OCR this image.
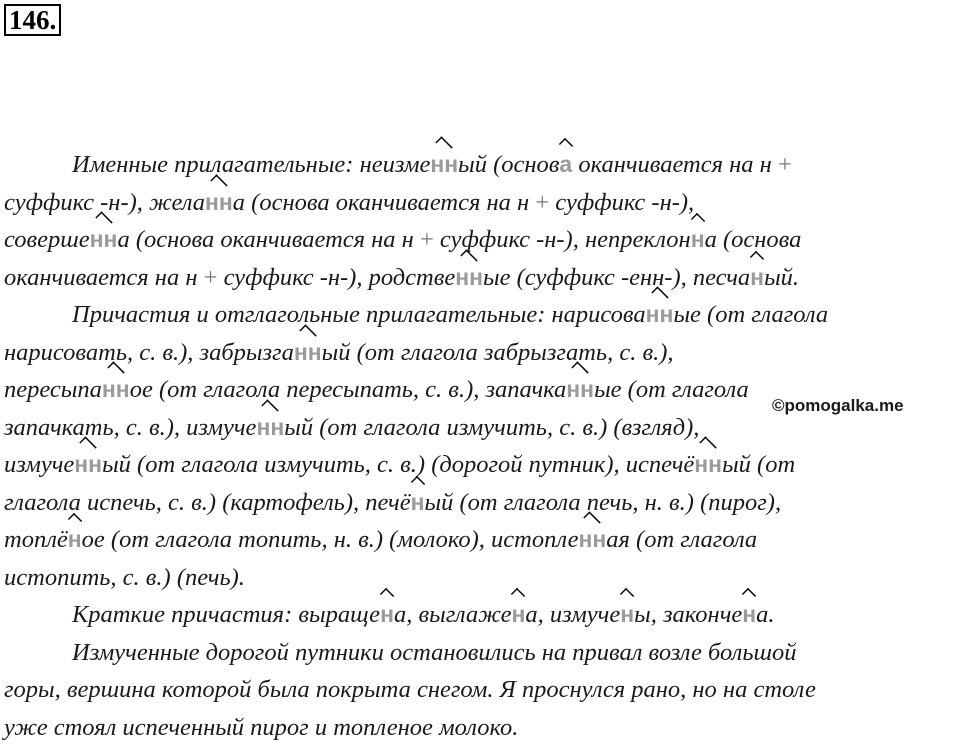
146.
©pomogalka.me
Именные прилагательные: неизменный (основа оканчивается на н +
суффикс -н-), желанна (основа оканчивается на н + суффикс -н-),
совершенна (основа оканчивается на н + суффикс -н-), непреклонна (основа
оканчивается на н + суффикс -н-), родственные (суффикс -енн-), песчаный.
Причастия и отглагольные прилагательные: нарисованные (от глагола
нарисовать, с. в.), забрызганный (от глагола забрызгать, с. в.),
пересыпанное (от глагола пересыпать, с. в.), запачканные (от глагола
запачкать, с. в.), измученный (от глагола измучить, с. в.) (взгляд),
измученный (от глагола измучить, с. в.) (дорогой путник), испечённый (от
глагола испечь, с. в.) (картофель), печёный (от глагола печь, н. в.) (пирог),
топлёное (от глагола топить, н. в.) (молоко), истопленная (от глагола
истопить, с. в.) (печь).
Краткие причастия: выращена, выглажена, измучены, закончена.
Измученные дорогой путники остановились на привал возле большой
горы, вершина которой была покрыта снегом. Я проснулся рано, но на столе
уже стоял испеченный пирог и топленое молоко.
